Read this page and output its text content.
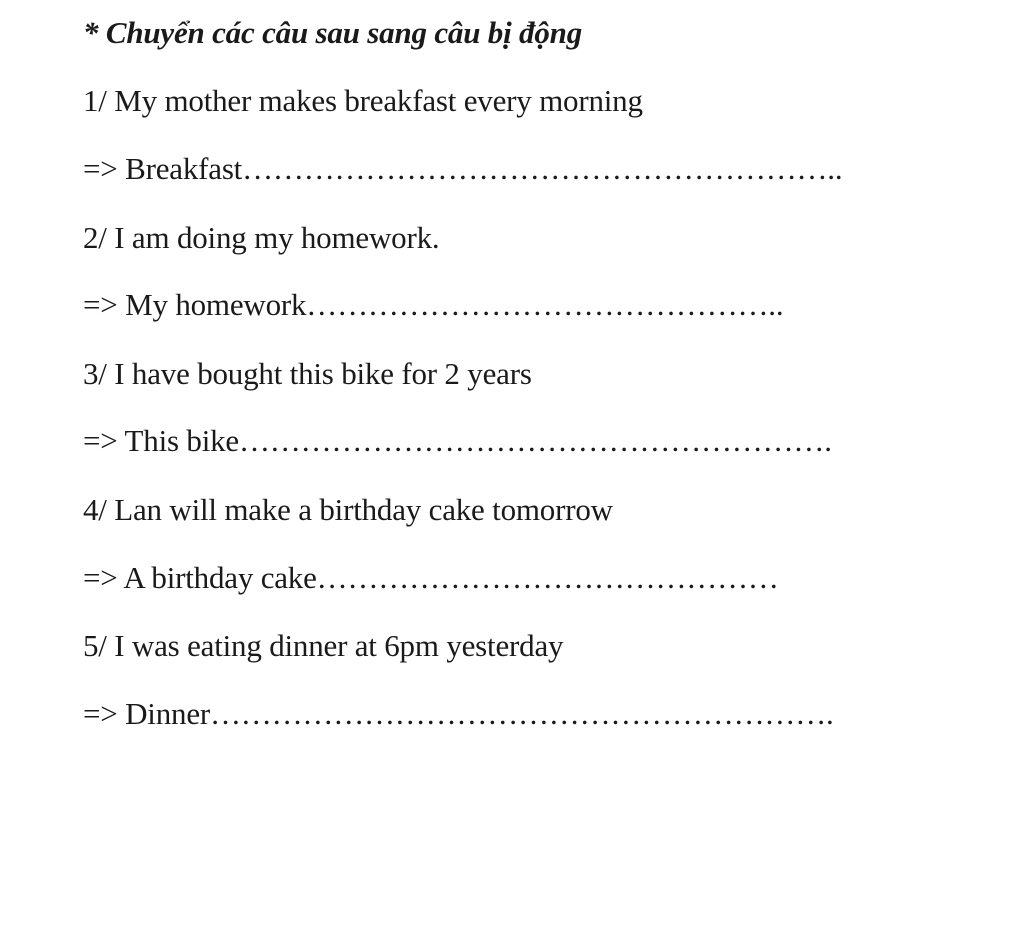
* Chuyển các câu sau sang câu bị động
1/ My mother makes breakfast every morning
=> Breakfast…………………………………………………..
2/ I am doing my homework.
=> My homework………………………………………..
3/ I have bought this bike for 2 years
=> This bike………………………………………………….
4/ Lan will make a birthday cake tomorrow
=> A birthday cake………………………………………
5/ I was eating dinner at 6pm yesterday
=> Dinner…………………………………………………….
